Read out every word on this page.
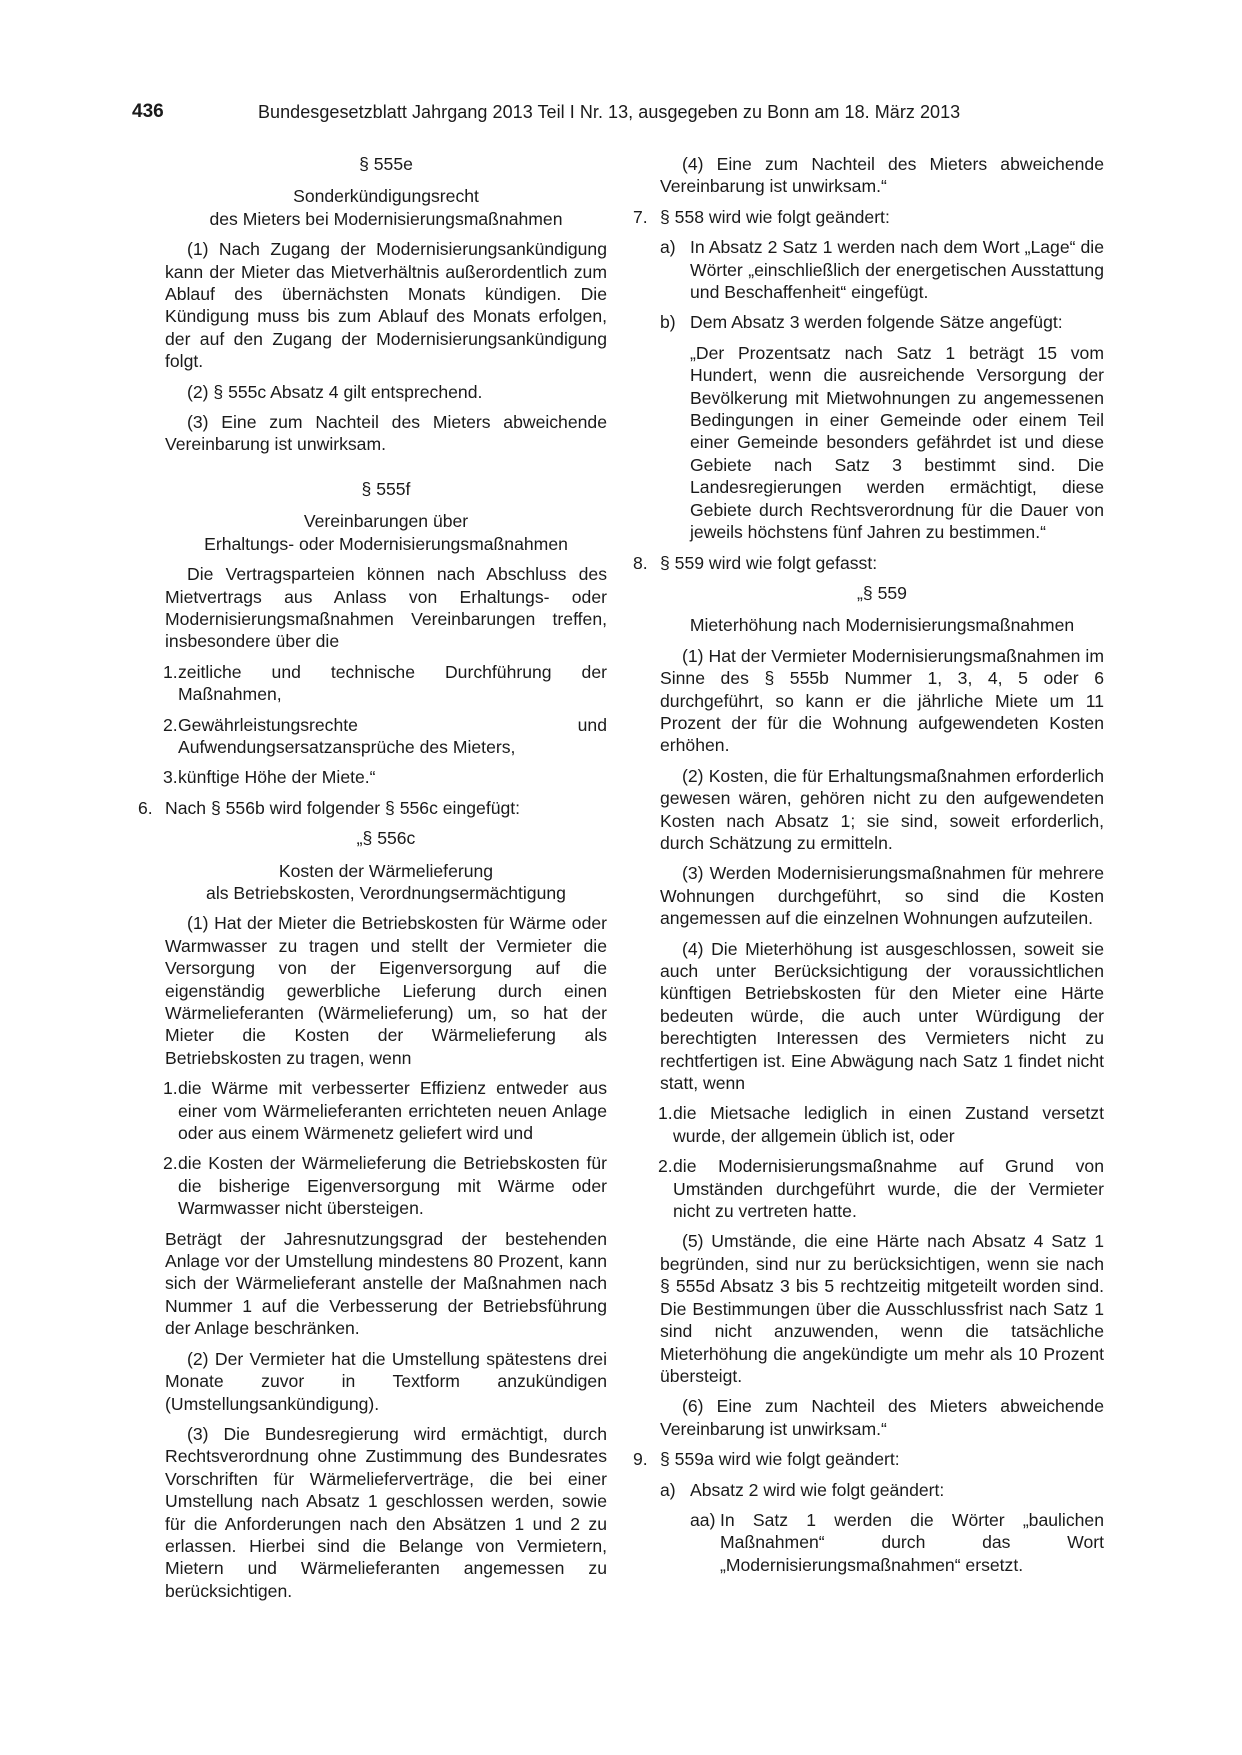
436	Bundesgesetzblatt Jahrgang 2013 Teil I Nr. 13, ausgegeben zu Bonn am 18. März 2013

§ 555e

Sonderkündigungsrecht

des Mieters bei Modernisierungsmaßnahmen

(1) Nach Zugang der Modernisierungsankündigung kann der Mieter das Mietverhältnis außerordentlich zum Ablauf des übernächsten Monats kündigen. Die Kündigung muss bis zum Ablauf des Monats erfolgen, der auf den Zugang der Modernisierungsankündigung folgt.

(2) § 555c Absatz 4 gilt entsprechend.

(3) Eine zum Nachteil des Mieters abweichende Vereinbarung ist unwirksam.

§ 555f

Vereinbarungen über

Erhaltungs- oder Modernisierungsmaßnahmen

Die Vertragsparteien können nach Abschluss des Mietvertrags aus Anlass von Erhaltungs- oder Modernisierungsmaßnahmen Vereinbarungen treffen, insbesondere über die

1. zeitliche und technische Durchführung der Maßnahmen,

2. Gewährleistungsrechte und Aufwendungsersatzansprüche des Mieters,

3. künftige Höhe der Miete.“

6. Nach § 556b wird folgender § 556c eingefügt:

„§ 556c

Kosten der Wärmelieferung

als Betriebskosten, Verordnungsermächtigung

(1) Hat der Mieter die Betriebskosten für Wärme oder Warmwasser zu tragen und stellt der Vermieter die Versorgung von der Eigenversorgung auf die eigenständig gewerbliche Lieferung durch einen Wärmelieferanten (Wärmelieferung) um, so hat der Mieter die Kosten der Wärmelieferung als Betriebskosten zu tragen, wenn

1. die Wärme mit verbesserter Effizienz entweder aus einer vom Wärmelieferanten errichteten neuen Anlage oder aus einem Wärmenetz geliefert wird und

2. die Kosten der Wärmelieferung die Betriebskosten für die bisherige Eigenversorgung mit Wärme oder Warmwasser nicht übersteigen.

Beträgt der Jahresnutzungsgrad der bestehenden Anlage vor der Umstellung mindestens 80 Prozent, kann sich der Wärmelieferant anstelle der Maßnahmen nach Nummer 1 auf die Verbesserung der Betriebsführung der Anlage beschränken.

(2) Der Vermieter hat die Umstellung spätestens drei Monate zuvor in Textform anzukündigen (Umstellungsankündigung).

(3) Die Bundesregierung wird ermächtigt, durch Rechtsverordnung ohne Zustimmung des Bundesrates Vorschriften für Wärmelieferverträge, die bei einer Umstellung nach Absatz 1 geschlossen werden, sowie für die Anforderungen nach den Absätzen 1 und 2 zu erlassen. Hierbei sind die Belange von Vermietern, Mietern und Wärmelieferanten angemessen zu berücksichtigen.

(4) Eine zum Nachteil des Mieters abweichende Vereinbarung ist unwirksam.“

7. § 558 wird wie folgt geändert:

a) In Absatz 2 Satz 1 werden nach dem Wort „Lage“ die Wörter „einschließlich der energetischen Ausstattung und Beschaffenheit“ eingefügt.

b) Dem Absatz 3 werden folgende Sätze angefügt:

„Der Prozentsatz nach Satz 1 beträgt 15 vom Hundert, wenn die ausreichende Versorgung der Bevölkerung mit Mietwohnungen zu angemessenen Bedingungen in einer Gemeinde oder einem Teil einer Gemeinde besonders gefährdet ist und diese Gebiete nach Satz 3 bestimmt sind. Die Landesregierungen werden ermächtigt, diese Gebiete durch Rechtsverordnung für die Dauer von jeweils höchstens fünf Jahren zu bestimmen.“

8. § 559 wird wie folgt gefasst:

„§ 559

Mieterhöhung nach Modernisierungsmaßnahmen

(1) Hat der Vermieter Modernisierungsmaßnahmen im Sinne des § 555b Nummer 1, 3, 4, 5 oder 6 durchgeführt, so kann er die jährliche Miete um 11 Prozent der für die Wohnung aufgewendeten Kosten erhöhen.

(2) Kosten, die für Erhaltungsmaßnahmen erforderlich gewesen wären, gehören nicht zu den aufgewendeten Kosten nach Absatz 1; sie sind, soweit erforderlich, durch Schätzung zu ermitteln.

(3) Werden Modernisierungsmaßnahmen für mehrere Wohnungen durchgeführt, so sind die Kosten angemessen auf die einzelnen Wohnungen aufzuteilen.

(4) Die Mieterhöhung ist ausgeschlossen, soweit sie auch unter Berücksichtigung der voraussichtlichen künftigen Betriebskosten für den Mieter eine Härte bedeuten würde, die auch unter Würdigung der berechtigten Interessen des Vermieters nicht zu rechtfertigen ist. Eine Abwägung nach Satz 1 findet nicht statt, wenn

1. die Mietsache lediglich in einen Zustand versetzt wurde, der allgemein üblich ist, oder

2. die Modernisierungsmaßnahme auf Grund von Umständen durchgeführt wurde, die der Vermieter nicht zu vertreten hatte.

(5) Umstände, die eine Härte nach Absatz 4 Satz 1 begründen, sind nur zu berücksichtigen, wenn sie nach § 555d Absatz 3 bis 5 rechtzeitig mitgeteilt worden sind. Die Bestimmungen über die Ausschlussfrist nach Satz 1 sind nicht anzuwenden, wenn die tatsächliche Mieterhöhung die angekündigte um mehr als 10 Prozent übersteigt.

(6) Eine zum Nachteil des Mieters abweichende Vereinbarung ist unwirksam.“

9. § 559a wird wie folgt geändert:

a) Absatz 2 wird wie folgt geändert:

aa) In Satz 1 werden die Wörter „baulichen Maßnahmen“ durch das Wort „Modernisierungsmaßnahmen“ ersetzt.
